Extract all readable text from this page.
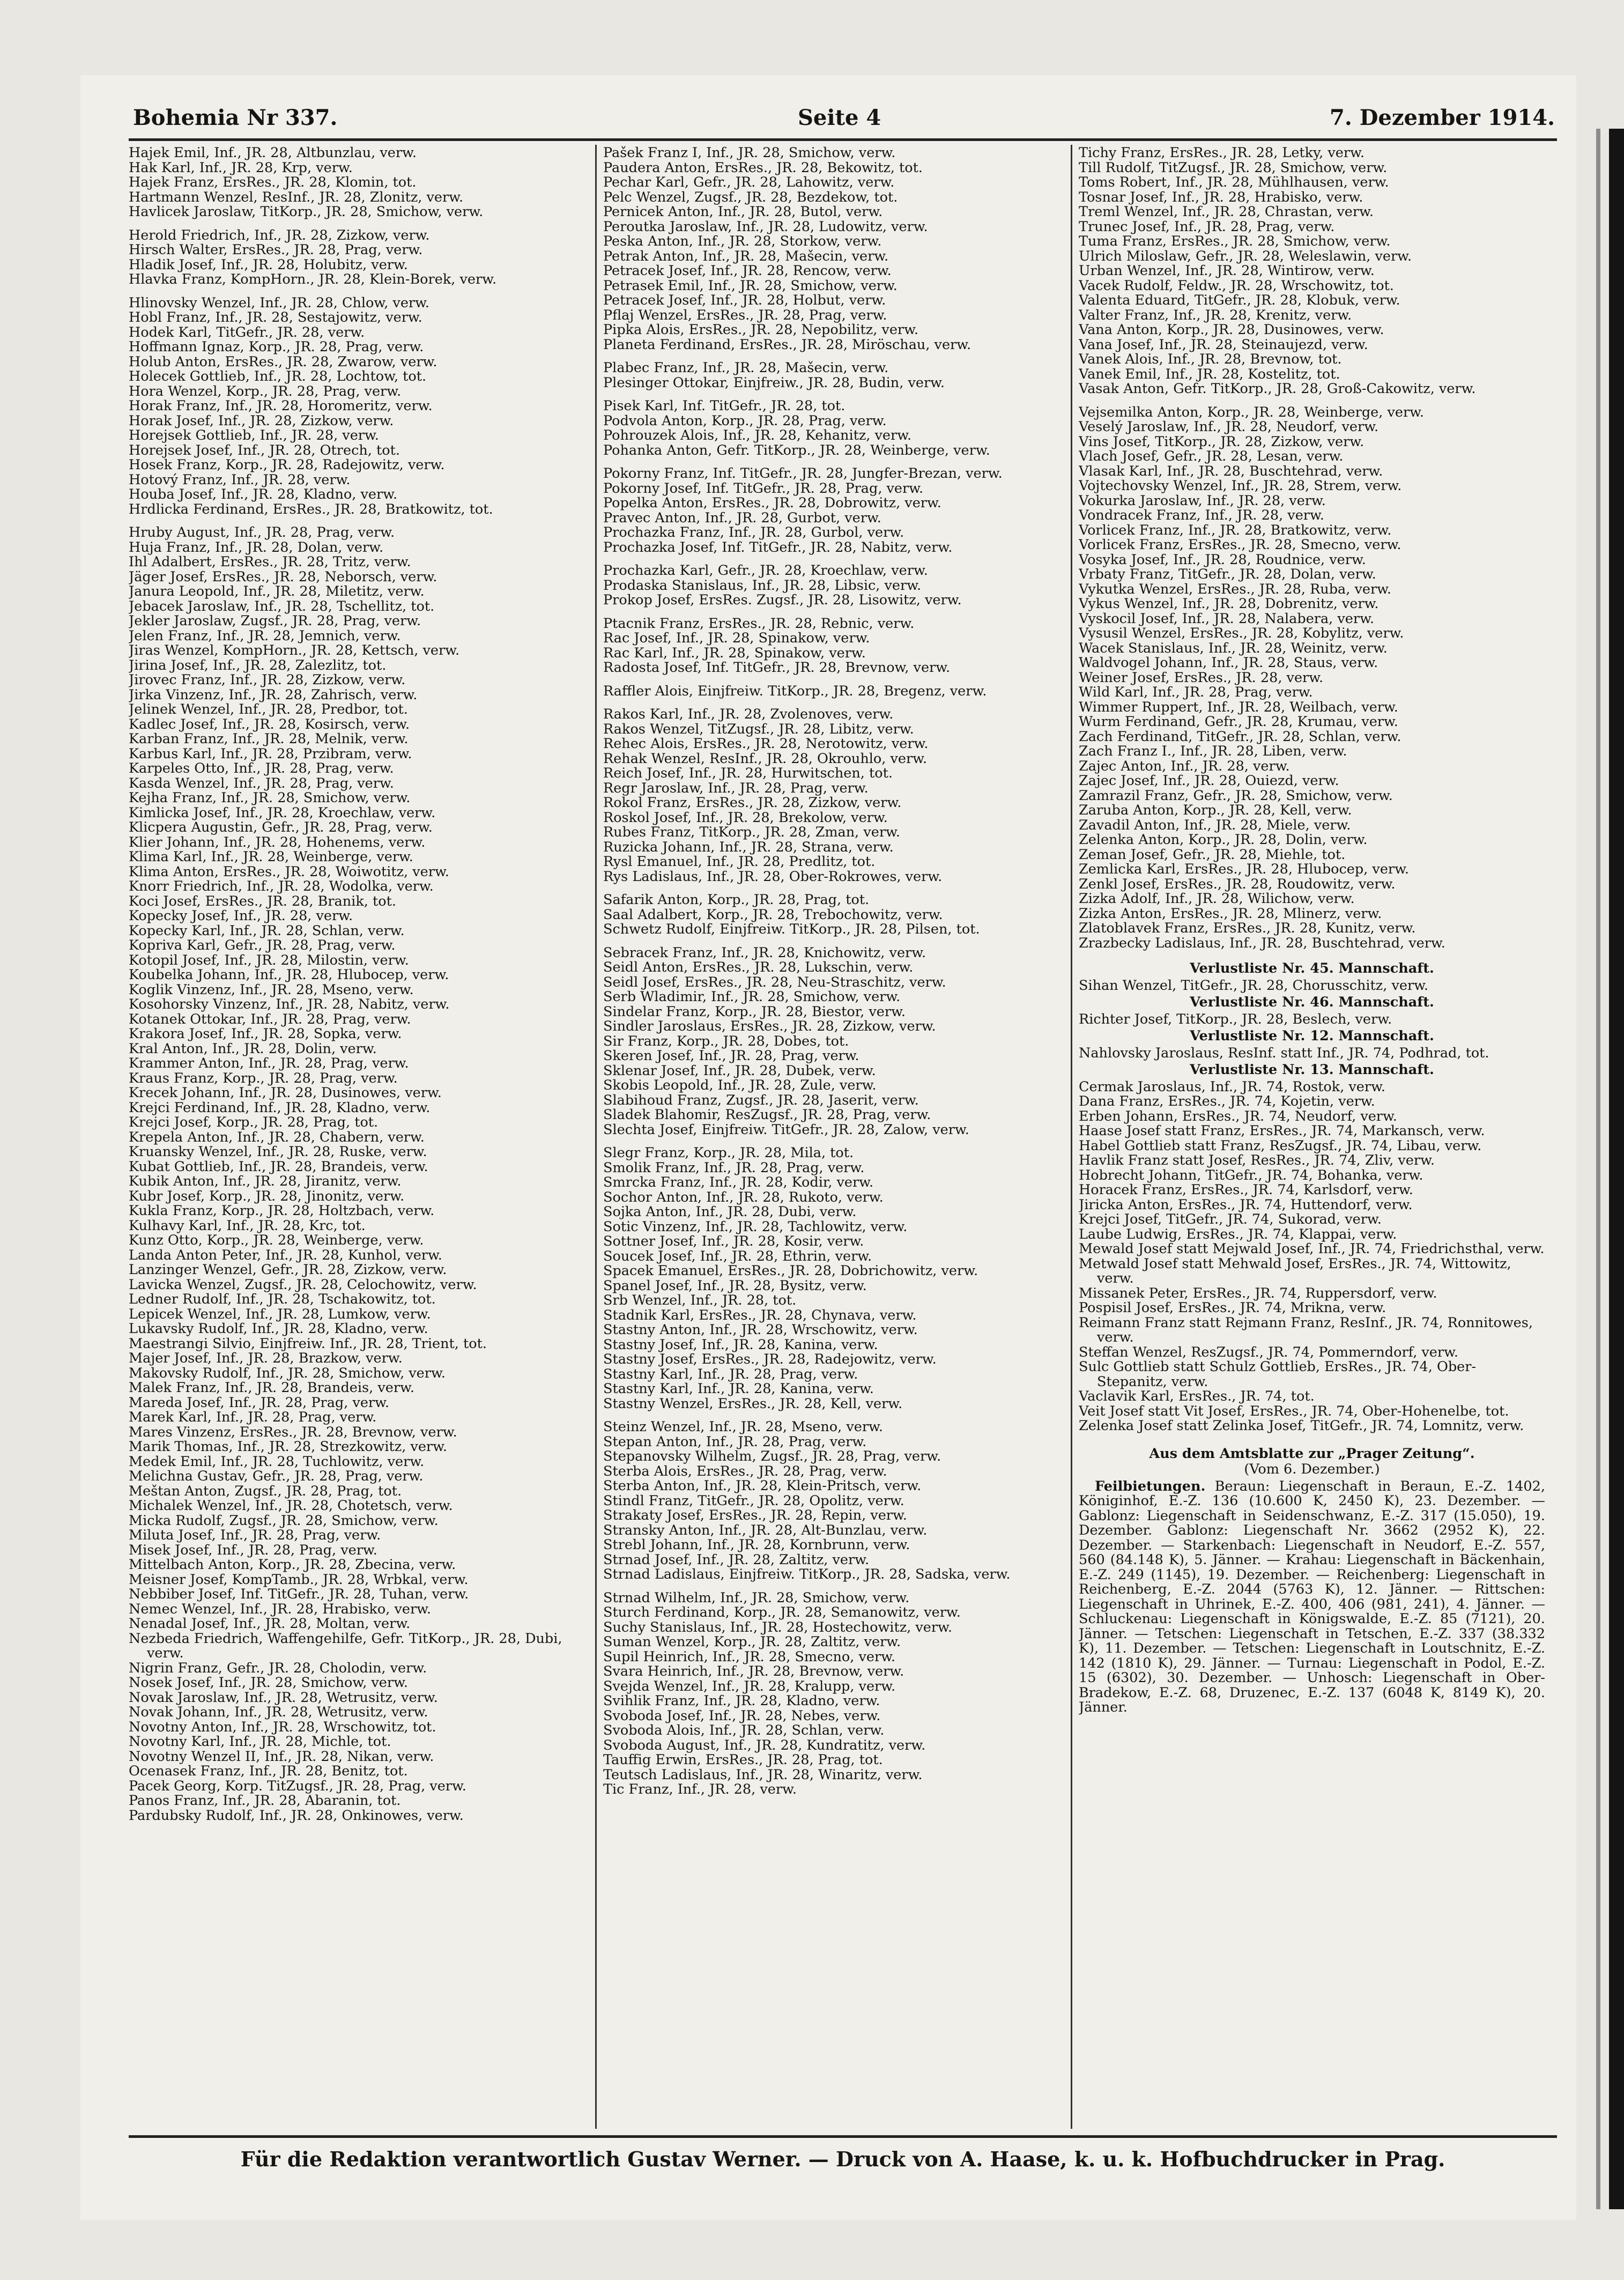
Bohemia Nr 337.	Seite 4	7. Dezember 1914.
Hajek Emil, Inf., JR. 28, Altbunzlau, verw.
Hak Karl, Inf., JR. 28, Krp, verw.
Hajek Franz, ErsRes., JR. 28, Klomin, tot.
Hartmann Wenzel, ResInf., JR. 28, Zlonitz, verw.
Havlicek Jaroslaw, TitKorp., JR. 28, Smichow, verw.
Herold Friedrich, Inf., JR. 28, Zizkow, verw.
Hirsch Walter, ErsRes., JR. 28, Prag, verw.
Hladik Josef, Inf., JR. 28, Holubitz, verw.
Hlavka Franz, KompHorn., JR. 28, Klein-Borek, verw.
Hlinovsky Wenzel, Inf., JR. 28, Chlow, verw.
Hobl Franz, Inf., JR. 28, Sestajowitz, verw.
Hodek Karl, TitGefr., JR. 28, verw.
Hoffmann Ignaz, Korp., JR. 28, Prag, verw.
Holub Anton, ErsRes., JR. 28, Zwarow, verw.
Holecek Gottlieb, Inf., JR. 28, Lochtow, tot.
Hora Wenzel, Korp., JR. 28, Prag, verw.
Horak Franz, Inf., JR. 28, Horomeritz, verw.
Horak Josef, Inf., JR. 28, Zizkow, verw.
Horejsek Gottlieb, Inf., JR. 28, verw.
Horejsek Josef, Inf., JR. 28, Otrech, tot.
Hosek Franz, Korp., JR. 28, Radejowitz, verw.
Hotový Franz, Inf., JR. 28, verw.
Houba Josef, Inf., JR. 28, Kladno, verw.
Hrdlicka Ferdinand, ErsRes., JR. 28, Bratkowitz, tot.
Hruby August, Inf., JR. 28, Prag, verw.
Huja Franz, Inf., JR. 28, Dolan, verw.
Ihl Adalbert, ErsRes., JR. 28, Tritz, verw.
Jäger Josef, ErsRes., JR. 28, Neborsch, verw.
Janura Leopold, Inf., JR. 28, Miletitz, verw.
Jebacek Jaroslaw, Inf., JR. 28, Tschellitz, tot.
Jekler Jaroslaw, Zugsf., JR. 28, Prag, verw.
Jelen Franz, Inf., JR. 28, Jemnich, verw.
Jiras Wenzel, KompHorn., JR. 28, Kettsch, verw.
Jirina Josef, Inf., JR. 28, Zalezlitz, tot.
Jirovec Franz, Inf., JR. 28, Zizkow, verw.
Jirka Vinzenz, Inf., JR. 28, Zahrisch, verw.
Jelinek Wenzel, Inf., JR. 28, Predbor, tot.
Kadlec Josef, Inf., JR. 28, Kosirsch, verw.
Karban Franz, Inf., JR. 28, Melnik, verw.
Karbus Karl, Inf., JR. 28, Przibram, verw.
Karpeles Otto, Inf., JR. 28, Prag, verw.
Kasda Wenzel, Inf., JR. 28, Prag, verw.
Kejha Franz, Inf., JR. 28, Smichow, verw.
Kimlicka Josef, Inf., JR. 28, Kroechlaw, verw.
Klicpera Augustin, Gefr., JR. 28, Prag, verw.
Klier Johann, Inf., JR. 28, Hohenems, verw.
Klima Karl, Inf., JR. 28, Weinberge, verw.
Klima Anton, ErsRes., JR. 28, Woiwotitz, verw.
Knorr Friedrich, Inf., JR. 28, Wodolka, verw.
Koci Josef, ErsRes., JR. 28, Branik, tot.
Kopecky Josef, Inf., JR. 28, verw.
Kopecky Karl, Inf., JR. 28, Schlan, verw.
Kopriva Karl, Gefr., JR. 28, Prag, verw.
Kotopil Josef, Inf., JR. 28, Milostin, verw.
Koubelka Johann, Inf., JR. 28, Hlubocep, verw.
Koglik Vinzenz, Inf., JR. 28, Mseno, verw.
Kosohorsky Vinzenz, Inf., JR. 28, Nabitz, verw.
Kotanek Ottokar, Inf., JR. 28, Prag, verw.
Krakora Josef, Inf., JR. 28, Sopka, verw.
Kral Anton, Inf., JR. 28, Dolin, verw.
Krammer Anton, Inf., JR. 28, Prag, verw.
Kraus Franz, Korp., JR. 28, Prag, verw.
Krecek Johann, Inf., JR. 28, Dusinowes, verw.
Krejci Ferdinand, Inf., JR. 28, Kladno, verw.
Krejci Josef, Korp., JR. 28, Prag, tot.
Krepela Anton, Inf., JR. 28, Chabern, verw.
Kruansky Wenzel, Inf., JR. 28, Ruske, verw.
Kubat Gottlieb, Inf., JR. 28, Brandeis, verw.
Kubik Anton, Inf., JR. 28, Jiranitz, verw.
Kubr Josef, Korp., JR. 28, Jinonitz, verw.
Kukla Franz, Korp., JR. 28, Holtzbach, verw.
Kulhavy Karl, Inf., JR. 28, Krc, tot.
Kunz Otto, Korp., JR. 28, Weinberge, verw.
Landa Anton Peter, Inf., JR. 28, Kunhol, verw.
Lanzinger Wenzel, Gefr., JR. 28, Zizkow, verw.
Lavicka Wenzel, Zugsf., JR. 28, Celochowitz, verw.
Ledner Rudolf, Inf., JR. 28, Tschakowitz, tot.
Lepicek Wenzel, Inf., JR. 28, Lumkow, verw.
Lukavsky Rudolf, Inf., JR. 28, Kladno, verw.
Maestrangi Silvio, Einjfreiw. Inf., JR. 28, Trient, tot.
Majer Josef, Inf., JR. 28, Brazkow, verw.
Makovsky Rudolf, Inf., JR. 28, Smichow, verw.
Malek Franz, Inf., JR. 28, Brandeis, verw.
Mareda Josef, Inf., JR. 28, Prag, verw.
Marek Karl, Inf., JR. 28, Prag, verw.
Mares Vinzenz, ErsRes., JR. 28, Brevnow, verw.
Marik Thomas, Inf., JR. 28, Strezkowitz, verw.
Medek Emil, Inf., JR. 28, Tuchlowitz, verw.
Melichna Gustav, Gefr., JR. 28, Prag, verw.
Meštan Anton, Zugsf., JR. 28, Prag, tot.
Michalek Wenzel, Inf., JR. 28, Chotetsch, verw.
Micka Rudolf, Zugsf., JR. 28, Smichow, verw.
Miluta Josef, Inf., JR. 28, Prag, verw.
Misek Josef, Inf., JR. 28, Prag, verw.
Mittelbach Anton, Korp., JR. 28, Zbecina, verw.
Meisner Josef, KompTamb., JR. 28, Wrbkal, verw.
Nebbiber Josef, Inf. TitGefr., JR. 28, Tuhan, verw.
Nemec Wenzel, Inf., JR. 28, Hrabisko, verw.
Nenadal Josef, Inf., JR. 28, Moltan, verw.
Nezbeda Friedrich, Waffengehilfe, Gefr. TitKorp., JR. 28, Dubi, verw.
Nigrin Franz, Gefr., JR. 28, Cholodin, verw.
Nosek Josef, Inf., JR. 28, Smichow, verw.
Novak Jaroslaw, Inf., JR. 28, Wetrusitz, verw.
Novak Johann, Inf., JR. 28, Wetrusitz, verw.
Novotny Anton, Inf., JR. 28, Wrschowitz, tot.
Novotny Karl, Inf., JR. 28, Michle, tot.
Novotny Wenzel II, Inf., JR. 28, Nikan, verw.
Ocenasek Franz, Inf., JR. 28, Benitz, tot.
Pacek Georg, Korp. TitZugsf., JR. 28, Prag, verw.
Panos Franz, Inf., JR. 28, Abaranin, tot.
Pardubsky Rudolf, Inf., JR. 28, Onkinowes, verw.
Pašek Franz I, Inf., JR. 28, Smichow, verw.
Paudera Anton, ErsRes., JR. 28, Bekowitz, tot.
Pechar Karl, Gefr., JR. 28, Lahowitz, verw.
Pelc Wenzel, Zugsf., JR. 28, Bezdekow, tot.
Pernicek Anton, Inf., JR. 28, Butol, verw.
Peroutka Jaroslaw, Inf., JR. 28, Ludowitz, verw.
Peska Anton, Inf., JR. 28, Storkow, verw.
Petrak Anton, Inf., JR. 28, Mašecin, verw.
Petracek Josef, Inf., JR. 28, Rencow, verw.
Petrasek Emil, Inf., JR. 28, Smichow, verw.
Petracek Josef, Inf., JR. 28, Holbut, verw.
Pflaj Wenzel, ErsRes., JR. 28, Prag, verw.
Pipka Alois, ErsRes., JR. 28, Nepobilitz, verw.
Planeta Ferdinand, ErsRes., JR. 28, Miröschau, verw.
Plabec Franz, Inf., JR. 28, Mašecin, verw.
Plesinger Ottokar, Einjfreiw., JR. 28, Budin, verw.
Pisek Karl, Inf. TitGefr., JR. 28, tot.
Podvola Anton, Korp., JR. 28, Prag, verw.
Pohrouzek Alois, Inf., JR. 28, Kehanitz, verw.
Pohanka Anton, Gefr. TitKorp., JR. 28, Weinberge, verw.
Pokorny Franz, Inf. TitGefr., JR. 28, Jungfer-Brezan, verw.
Pokorny Josef, Inf. TitGefr., JR. 28, Prag, verw.
Popelka Anton, ErsRes., JR. 28, Dobrowitz, verw.
Pravec Anton, Inf., JR. 28, Gurbot, verw.
Prochazka Franz, Inf., JR. 28, Gurbol, verw.
Prochazka Josef, Inf. TitGefr., JR. 28, Nabitz, verw.
Prochazka Karl, Gefr., JR. 28, Kroechlaw, verw.
Prodaska Stanislaus, Inf., JR. 28, Libsic, verw.
Prokop Josef, ErsRes. Zugsf., JR. 28, Lisowitz, verw.
Ptacnik Franz, ErsRes., JR. 28, Rebnic, verw.
Rac Josef, Inf., JR. 28, Spinakow, verw.
Rac Karl, Inf., JR. 28, Spinakow, verw.
Radosta Josef, Inf. TitGefr., JR. 28, Brevnow, verw.
Raffler Alois, Einjfreiw. TitKorp., JR. 28, Bregenz, verw.
Rakos Karl, Inf., JR. 28, Zvolenoves, verw.
Rakos Wenzel, TitZugsf., JR. 28, Libitz, verw.
Rehec Alois, ErsRes., JR. 28, Nerotowitz, verw.
Rehak Wenzel, ResInf., JR. 28, Okrouhlo, verw.
Reich Josef, Inf., JR. 28, Hurwitschen, tot.
Regr Jaroslaw, Inf., JR. 28, Prag, verw.
Rokol Franz, ErsRes., JR. 28, Zizkow, verw.
Roskol Josef, Inf., JR. 28, Brekolow, verw.
Rubes Franz, TitKorp., JR. 28, Zman, verw.
Ruzicka Johann, Inf., JR. 28, Strana, verw.
Rysl Emanuel, Inf., JR. 28, Predlitz, tot.
Rys Ladislaus, Inf., JR. 28, Ober-Rokrowes, verw.
Safarik Anton, Korp., JR. 28, Prag, tot.
Saal Adalbert, Korp., JR. 28, Trebochowitz, verw.
Schwetz Rudolf, Einjfreiw. TitKorp., JR. 28, Pilsen, tot.
Sebracek Franz, Inf., JR. 28, Knichowitz, verw.
Seidl Anton, ErsRes., JR. 28, Lukschin, verw.
Seidl Josef, ErsRes., JR. 28, Neu-Straschitz, verw.
Serb Wladimir, Inf., JR. 28, Smichow, verw.
Sindelar Franz, Korp., JR. 28, Biestor, verw.
Sindler Jaroslaus, ErsRes., JR. 28, Zizkow, verw.
Sir Franz, Korp., JR. 28, Dobes, tot.
Skeren Josef, Inf., JR. 28, Prag, verw.
Sklenar Josef, Inf., JR. 28, Dubek, verw.
Skobis Leopold, Inf., JR. 28, Zule, verw.
Slabihoud Franz, Zugsf., JR. 28, Jaserit, verw.
Sladek Blahomir, ResZugsf., JR. 28, Prag, verw.
Slechta Josef, Einjfreiw. TitGefr., JR. 28, Zalow, verw.
Slegr Franz, Korp., JR. 28, Mila, tot.
Smolik Franz, Inf., JR. 28, Prag, verw.
Smrcka Franz, Inf., JR. 28, Kodir, verw.
Sochor Anton, Inf., JR. 28, Rukoto, verw.
Sojka Anton, Inf., JR. 28, Dubi, verw.
Sotic Vinzenz, Inf., JR. 28, Tachlowitz, verw.
Sottner Josef, Inf., JR. 28, Kosir, verw.
Soucek Josef, Inf., JR. 28, Ethrin, verw.
Spacek Emanuel, ErsRes., JR. 28, Dobrichowitz, verw.
Spanel Josef, Inf., JR. 28, Bysitz, verw.
Srb Wenzel, Inf., JR. 28, tot.
Stadnik Karl, ErsRes., JR. 28, Chynava, verw.
Stastny Anton, Inf., JR. 28, Wrschowitz, verw.
Stastny Josef, Inf., JR. 28, Kanina, verw.
Stastny Josef, ErsRes., JR. 28, Radejowitz, verw.
Stastny Karl, Inf., JR. 28, Prag, verw.
Stastny Karl, Inf., JR. 28, Kanina, verw.
Stastny Wenzel, ErsRes., JR. 28, Kell, verw.
Steinz Wenzel, Inf., JR. 28, Mseno, verw.
Stepan Anton, Inf., JR. 28, Prag, verw.
Stepanovsky Wilhelm, Zugsf., JR. 28, Prag, verw.
Sterba Alois, ErsRes., JR. 28, Prag, verw.
Sterba Anton, Inf., JR. 28, Klein-Pritsch, verw.
Stindl Franz, TitGefr., JR. 28, Opolitz, verw.
Strakaty Josef, ErsRes., JR. 28, Repin, verw.
Stransky Anton, Inf., JR. 28, Alt-Bunzlau, verw.
Strebl Johann, Inf., JR. 28, Kornbrunn, verw.
Strnad Josef, Inf., JR. 28, Zaltitz, verw.
Strnad Ladislaus, Einjfreiw. TitKorp., JR. 28, Sadska, verw.
Strnad Wilhelm, Inf., JR. 28, Smichow, verw.
Sturch Ferdinand, Korp., JR. 28, Semanowitz, verw.
Suchy Stanislaus, Inf., JR. 28, Hostechowitz, verw.
Suman Wenzel, Korp., JR. 28, Zaltitz, verw.
Supil Heinrich, Inf., JR. 28, Smecno, verw.
Svara Heinrich, Inf., JR. 28, Brevnow, verw.
Svejda Wenzel, Inf., JR. 28, Kralupp, verw.
Svihlik Franz, Inf., JR. 28, Kladno, verw.
Svoboda Josef, Inf., JR. 28, Nebes, verw.
Svoboda Alois, Inf., JR. 28, Schlan, verw.
Svoboda August, Inf., JR. 28, Kundratitz, verw.
Tauffig Erwin, ErsRes., JR. 28, Prag, tot.
Teutsch Ladislaus, Inf., JR. 28, Winaritz, verw.
Tic Franz, Inf., JR. 28, verw.
Tichy Franz, ErsRes., JR. 28, Letky, verw.
Till Rudolf, TitZugsf., JR. 28, Smichow, verw.
Toms Robert, Inf., JR. 28, Mühlhausen, verw.
Tosnar Josef, Inf., JR. 28, Hrabisko, verw.
Treml Wenzel, Inf., JR. 28, Chrastan, verw.
Trunec Josef, Inf., JR. 28, Prag, verw.
Tuma Franz, ErsRes., JR. 28, Smichow, verw.
Ulrich Miloslaw, Gefr., JR. 28, Weleslawin, verw.
Urban Wenzel, Inf., JR. 28, Wintirow, verw.
Vacek Rudolf, Feldw., JR. 28, Wrschowitz, tot.
Valenta Eduard, TitGefr., JR. 28, Klobuk, verw.
Valter Franz, Inf., JR. 28, Krenitz, verw.
Vana Anton, Korp., JR. 28, Dusinowes, verw.
Vana Josef, Inf., JR. 28, Steinaujezd, verw.
Vanek Alois, Inf., JR. 28, Brevnow, tot.
Vanek Emil, Inf., JR. 28, Kostelitz, tot.
Vasak Anton, Gefr. TitKorp., JR. 28, Groß-Cakowitz, verw.
Vejsemilka Anton, Korp., JR. 28, Weinberge, verw.
Veselý Jaroslaw, Inf., JR. 28, Neudorf, verw.
Vins Josef, TitKorp., JR. 28, Zizkow, verw.
Vlach Josef, Gefr., JR. 28, Lesan, verw.
Vlasak Karl, Inf., JR. 28, Buschtehrad, verw.
Vojtechovsky Wenzel, Inf., JR. 28, Strem, verw.
Vokurka Jaroslaw, Inf., JR. 28, verw.
Vondracek Franz, Inf., JR. 28, verw.
Vorlicek Franz, Inf., JR. 28, Bratkowitz, verw.
Vorlicek Franz, ErsRes., JR. 28, Smecno, verw.
Vosyka Josef, Inf., JR. 28, Roudnice, verw.
Vrbaty Franz, TitGefr., JR. 28, Dolan, verw.
Vykutka Wenzel, ErsRes., JR. 28, Ruba, verw.
Vykus Wenzel, Inf., JR. 28, Dobrenitz, verw.
Vyskocil Josef, Inf., JR. 28, Nalabera, verw.
Vysusil Wenzel, ErsRes., JR. 28, Kobylitz, verw.
Wacek Stanislaus, Inf., JR. 28, Weinitz, verw.
Waldvogel Johann, Inf., JR. 28, Staus, verw.
Weiner Josef, ErsRes., JR. 28, verw.
Wild Karl, Inf., JR. 28, Prag, verw.
Wimmer Ruppert, Inf., JR. 28, Weilbach, verw.
Wurm Ferdinand, Gefr., JR. 28, Krumau, verw.
Zach Ferdinand, TitGefr., JR. 28, Schlan, verw.
Zach Franz I., Inf., JR. 28, Liben, verw.
Zajec Anton, Inf., JR. 28, verw.
Zajec Josef, Inf., JR. 28, Ouiezd, verw.
Zamrazil Franz, Gefr., JR. 28, Smichow, verw.
Zaruba Anton, Korp., JR. 28, Kell, verw.
Zavadil Anton, Inf., JR. 28, Miele, verw.
Zelenka Anton, Korp., JR. 28, Dolin, verw.
Zeman Josef, Gefr., JR. 28, Miehle, tot.
Zemlicka Karl, ErsRes., JR. 28, Hlubocep, verw.
Zenkl Josef, ErsRes., JR. 28, Roudowitz, verw.
Zizka Adolf, Inf., JR. 28, Wilichow, verw.
Zizka Anton, ErsRes., JR. 28, Mlinerz, verw.
Zlatoblavek Franz, ErsRes., JR. 28, Kunitz, verw.
Zrazbecky Ladislaus, Inf., JR. 28, Buschtehrad, verw.
Verlustliste Nr. 45. Mannschaft.
Sihan Wenzel, TitGefr., JR. 28, Chorusschitz, verw.
Verlustliste Nr. 46. Mannschaft.
Richter Josef, TitKorp., JR. 28, Beslech, verw.
Verlustliste Nr. 12. Mannschaft.
Nahlovsky Jaroslaus, ResInf. statt Inf., JR. 74, Podhrad, tot.
Verlustliste Nr. 13. Mannschaft.
Cermak Jaroslaus, Inf., JR. 74, Rostok, verw.
Dana Franz, ErsRes., JR. 74, Kojetin, verw.
Erben Johann, ErsRes., JR. 74, Neudorf, verw.
Haase Josef statt Franz, ErsRes., JR. 74, Markansch, verw.
Habel Gottlieb statt Franz, ResZugsf., JR. 74, Libau, verw.
Havlik Franz statt Josef, ResRes., JR. 74, Zliv, verw.
Hobrecht Johann, TitGefr., JR. 74, Bohanka, verw.
Horacek Franz, ErsRes., JR. 74, Karlsdorf, verw.
Jiricka Anton, ErsRes., JR. 74, Huttendorf, verw.
Krejci Josef, TitGefr., JR. 74, Sukorad, verw.
Laube Ludwig, ErsRes., JR. 74, Klappai, verw.
Mewald Josef statt Mejwald Josef, Inf., JR. 74, Friedrichsthal, verw.
Metwald Josef statt Mehwald Josef, ErsRes., JR. 74, Wittowitz, verw.
Missanek Peter, ErsRes., JR. 74, Ruppersdorf, verw.
Pospisil Josef, ErsRes., JR. 74, Mrikna, verw.
Reimann Franz statt Rejmann Franz, ResInf., JR. 74, Ronnitowes, verw.
Steffan Wenzel, ResZugsf., JR. 74, Pommerndorf, verw.
Sulc Gottlieb statt Schulz Gottlieb, ErsRes., JR. 74, Ober-Stepanitz, verw.
Vaclavik Karl, ErsRes., JR. 74, tot.
Veit Josef statt Vit Josef, ErsRes., JR. 74, Ober-Hohenelbe, tot.
Zelenka Josef statt Zelinka Josef, TitGefr., JR. 74, Lomnitz, verw.
Aus dem Amtsblatte zur „Prager Zeitung“.
(Vom 6. Dezember.)
Feilbietungen. Beraun: Liegenschaft in Beraun, E.-Z. 1402, Königinhof, E.-Z. 136 (10.600 K, 2450 K), 23. Dezember. — Gablonz: Liegenschaft in Seidenschwanz, E.-Z. 317 (15.050), 19. Dezember. Gablonz: Liegenschaft Nr. 3662 (2952 K), 22. Dezember. — Starkenbach: Liegenschaft in Neudorf, E.-Z. 557, 560 (84.148 K), 5. Jänner. — Krahau: Liegenschaft in Bäckenhain, E.-Z. 249 (1145), 19. Dezember. — Reichenberg: Liegenschaft in Reichenberg, E.-Z. 2044 (5763 K), 12. Jänner. — Rittschen: Liegenschaft in Uhrinek, E.-Z. 400, 406 (981, 241), 4. Jänner. — Schluckenau: Liegenschaft in Königswalde, E.-Z. 85 (7121), 20. Jänner. — Tetschen: Liegenschaft in Tetschen, E.-Z. 337 (38.332 K), 11. Dezember. — Tetschen: Liegenschaft in Loutschnitz, E.-Z. 142 (1810 K), 29. Jänner. — Turnau: Liegenschaft in Podol, E.-Z. 15 (6302), 30. Dezember. — Unhosch: Liegenschaft in Ober-Bradekow, E.-Z. 68, Druzenec, E.-Z. 137 (6048 K, 8149 K), 20. Jänner.
Für die Redaktion verantwortlich Gustav Werner. — Druck von A. Haase, k. u. k. Hofbuchdrucker in Prag.
